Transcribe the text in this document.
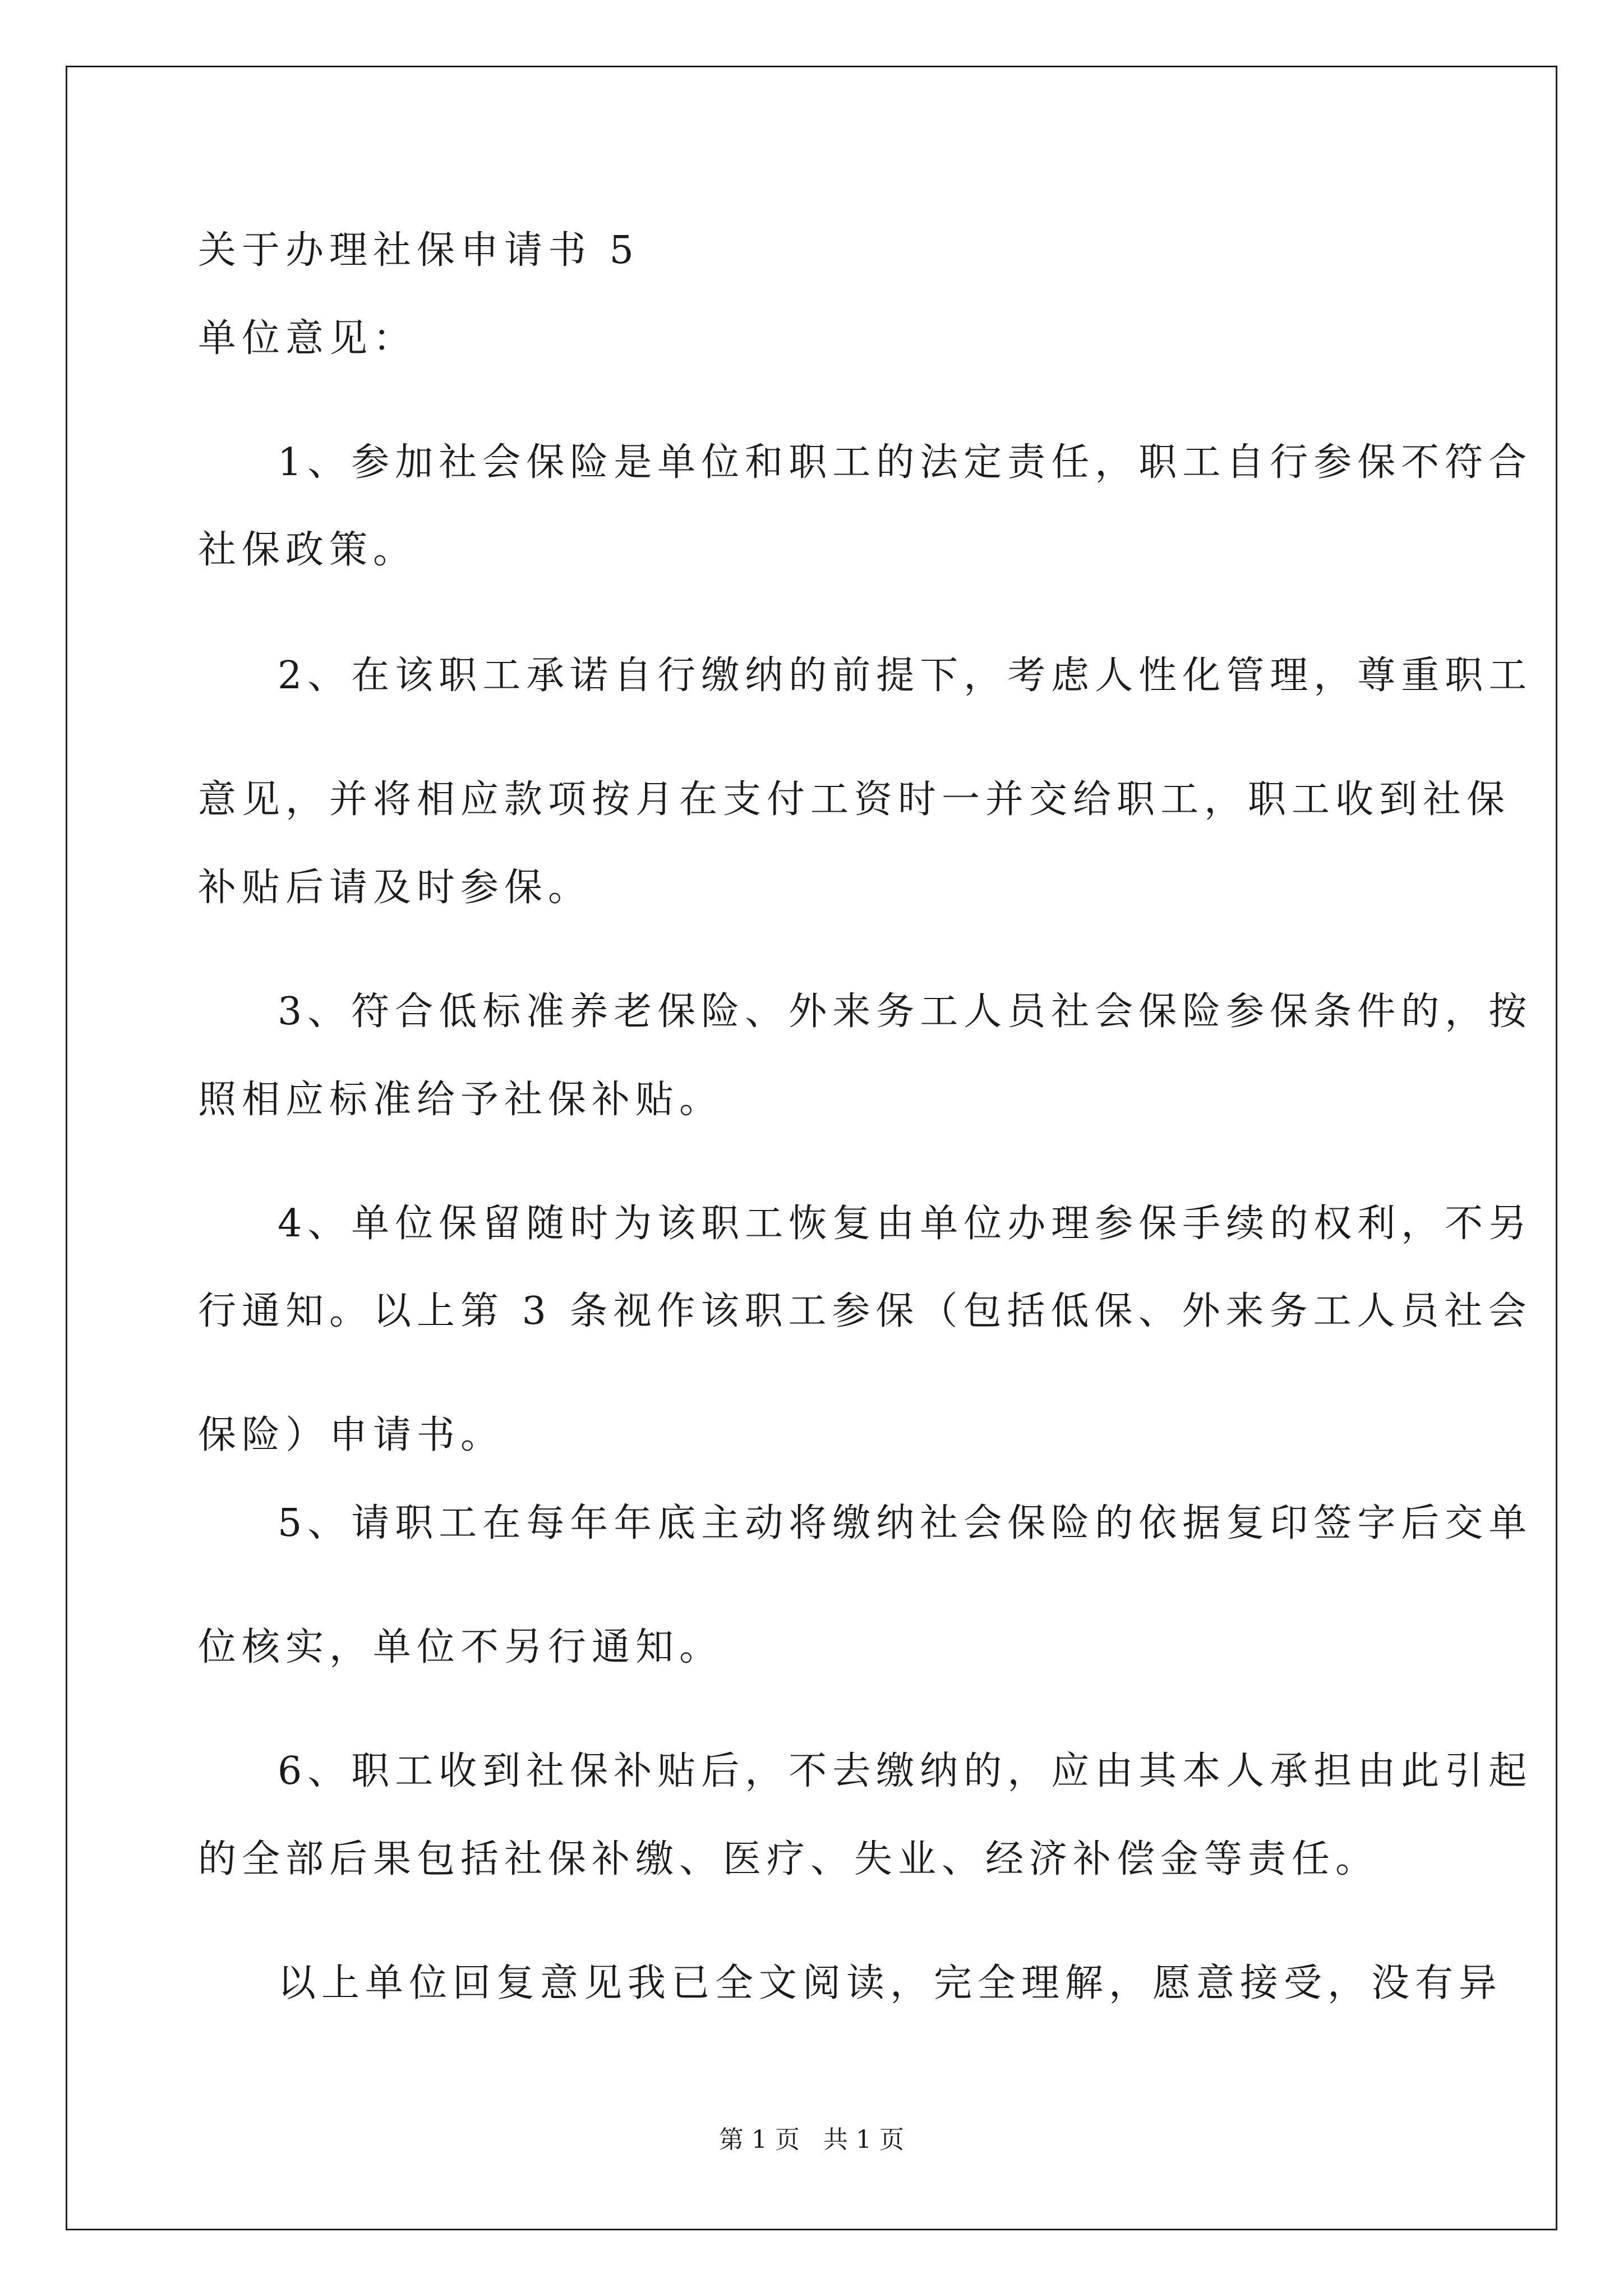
关于办理社保申请书 5
单位意见：
1、参加社会保险是单位和职工的法定责任，职工自行参保不符合
社保政策。
2、在该职工承诺自行缴纳的前提下，考虑人性化管理，尊重职工
意见，并将相应款项按月在支付工资时一并交给职工，职工收到社保
补贴后请及时参保。
3、符合低标准养老保险、外来务工人员社会保险参保条件的，按
照相应标准给予社保补贴。
4、单位保留随时为该职工恢复由单位办理参保手续的权利，不另
行通知。以上第 3 条视作该职工参保（包括低保、外来务工人员社会
保险）申请书。
5、请职工在每年年底主动将缴纳社会保险的依据复印签字后交单
位核实，单位不另行通知。
6、职工收到社保补贴后，不去缴纳的，应由其本人承担由此引起
的全部后果包括社保补缴、医疗、失业、经济补偿金等责任。
以上单位回复意见我已全文阅读，完全理解，愿意接受，没有异
第 1 页   共 1 页
